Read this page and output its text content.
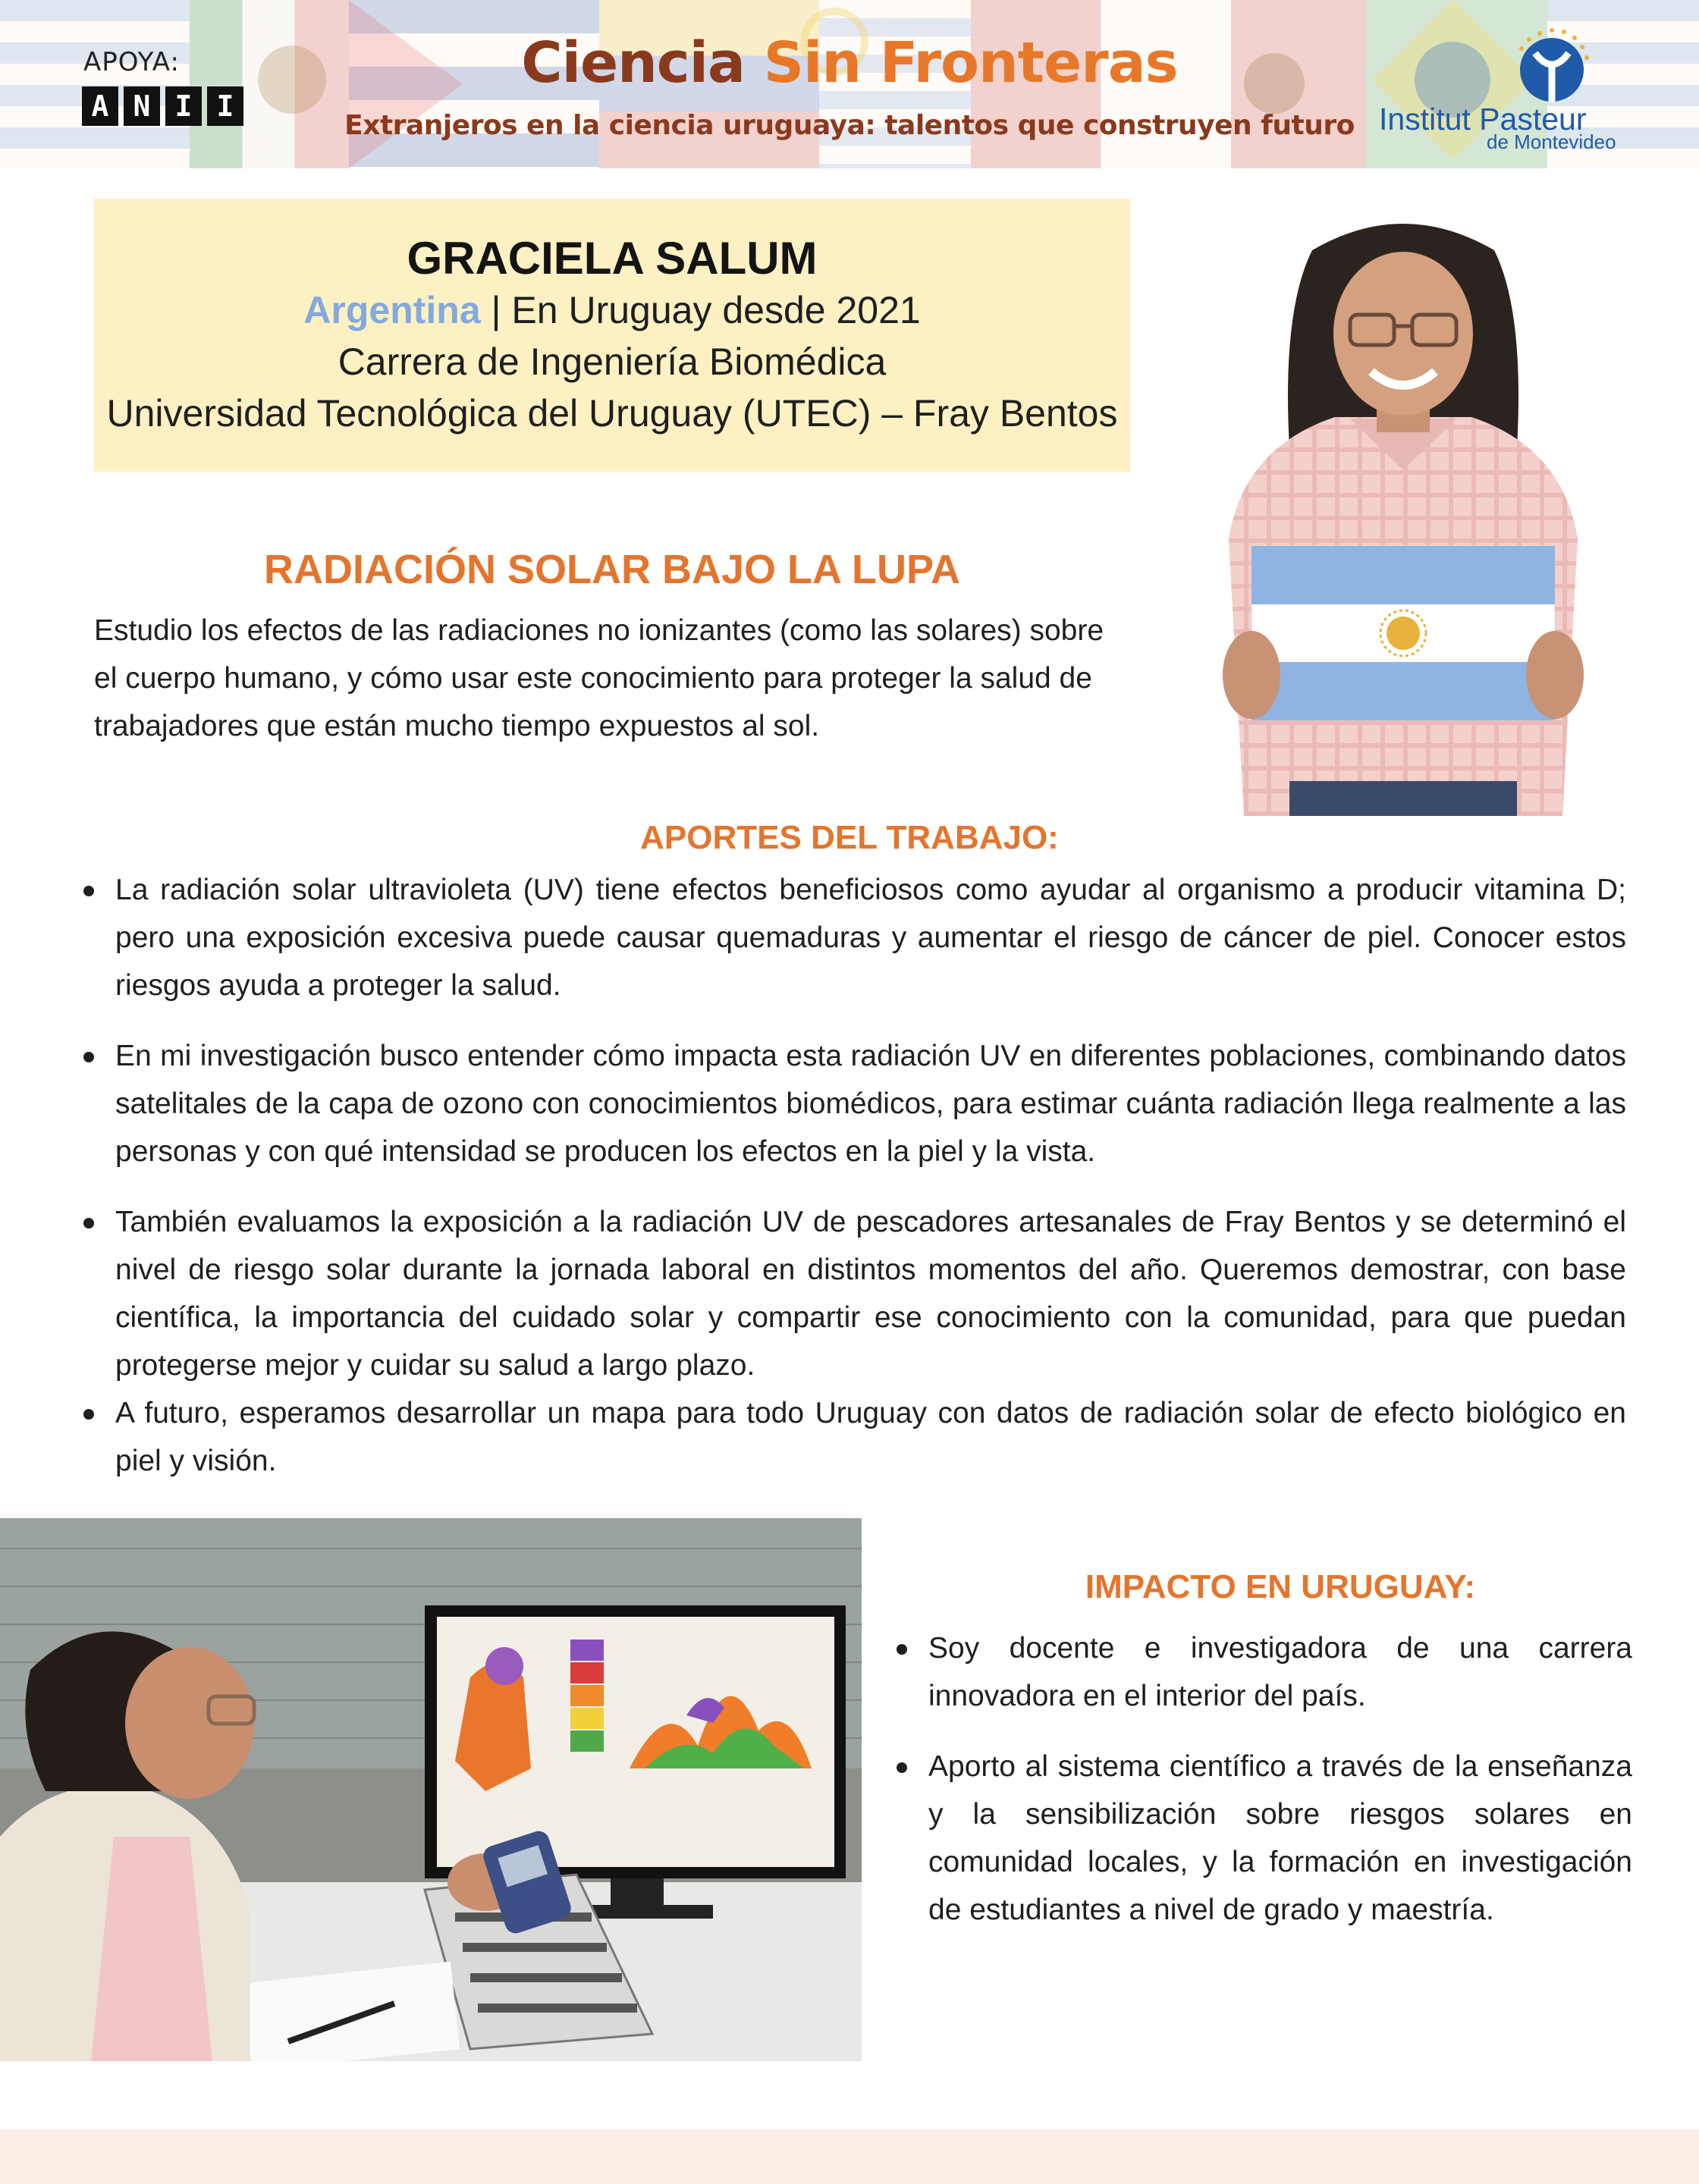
APOYA:
A N I I
Ciencia Sin Fronteras
Extranjeros en la ciencia uruguaya: talentos que construyen futuro Institut Pasteur
de Montevideo
GRACIELA SALUM
Argentina | En Uruguay desde 2021
Carrera de Ingeniería Biomédica
Universidad Tecnológica del Uruguay (UTEC) – Fray Bentos
RADIACIÓN SOLAR BAJO LA LUPA
Estudio los efectos de las radiaciones no ionizantes (como las solares) sobre el cuerpo humano, y cómo usar este conocimiento para proteger la salud de trabajadores que están mucho tiempo expuestos al sol.
APORTES DEL TRABAJO:
La radiación solar ultravioleta (UV) tiene efectos beneficiosos como ayudar al organismo a producir vitamina D; pero una exposición excesiva puede causar quemaduras y aumentar el riesgo de cáncer de piel. Conocer estos riesgos ayuda a proteger la salud.
En mi investigación busco entender cómo impacta esta radiación UV en diferentes poblaciones, combinando datos satelitales de la capa de ozono con conocimientos biomédicos, para estimar cuánta radiación llega realmente a las personas y con qué intensidad se producen los efectos en la piel y la vista.
También evaluamos la exposición a la radiación UV de pescadores artesanales de Fray Bentos y se determinó el nivel de riesgo solar durante la jornada laboral en distintos momentos del año. Queremos demostrar, con base científica, la importancia del cuidado solar y compartir ese conocimiento con la comunidad, para que puedan protegerse mejor y cuidar su salud a largo plazo.
A futuro, esperamos desarrollar un mapa para todo Uruguay con datos de radiación solar de efecto biológico en piel y visión.
IMPACTO EN URUGUAY:
Soy docente e investigadora de una carrera innovadora en el interior del país.
Aporto al sistema científico a través de la enseñanza y la sensibilización sobre riesgos solares en comunidad locales, y la formación en investigación de estudiantes a nivel de grado y maestría.
